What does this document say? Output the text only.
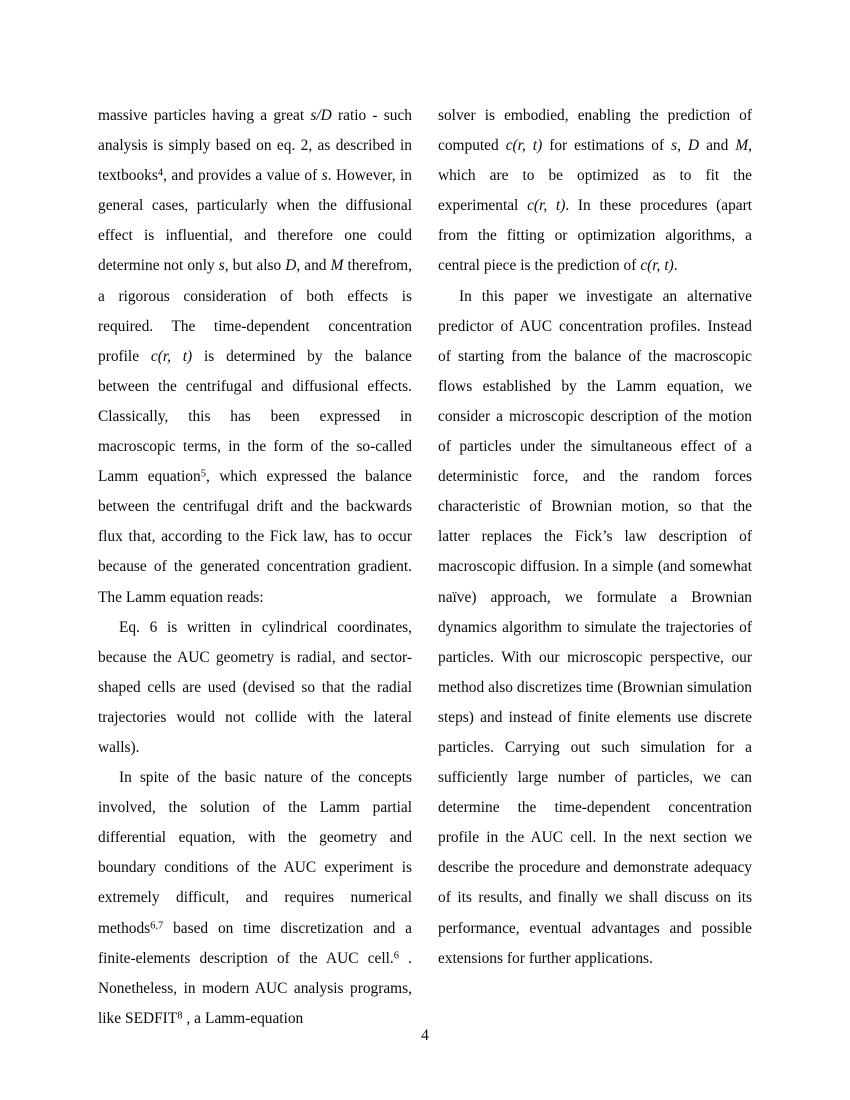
massive particles having a great s/D ratio - such analysis is simply based on eq. 2, as described in textbooks$^4$, and provides a value of s. However, in general cases, particularly when the diffusional effect is influential, and therefore one could determine not only s, but also D, and M therefrom, a rigorous consideration of both effects is required. The time-dependent concentration profile c(r, t) is determined by the balance between the centrifugal and diffusional effects. Classically, this has been expressed in macroscopic terms, in the form of the so-called Lamm equation$^5$, which expressed the balance between the centrifugal drift and the backwards flux that, according to the Fick law, has to occur because of the generated concentration gradient. The Lamm equation reads:

Eq. 6 is written in cylindrical coordinates, because the AUC geometry is radial, and sector-shaped cells are used (devised so that the radial trajectories would not collide with the lateral walls).

In spite of the basic nature of the concepts involved, the solution of the Lamm partial differential equation, with the geometry and boundary conditions of the AUC experiment is extremely difficult, and requires numerical methods$^{6,7}$ based on time discretization and a finite-elements description of the AUC cell.$^6$ . Nonetheless, in modern AUC analysis programs, like SEDFIT$^8$ , a Lamm-equation

solver is embodied, enabling the prediction of computed c(r, t) for estimations of s, D and M, which are to be optimized as to fit the experimental c(r, t). In these procedures (apart from the fitting or optimization algorithms, a central piece is the prediction of c(r, t).

In this paper we investigate an alternative predictor of AUC concentration profiles. Instead of starting from the balance of the macroscopic flows established by the Lamm equation, we consider a microscopic description of the motion of particles under the simultaneous effect of a deterministic force, and the random forces characteristic of Brownian motion, so that the latter replaces the Fick’s law description of macroscopic diffusion. In a simple (and somewhat naïve) approach, we formulate a Brownian dynamics algorithm to simulate the trajectories of particles. With our microscopic perspective, our method also discretizes time (Brownian simulation steps) and instead of finite elements use discrete particles. Carrying out such simulation for a sufficiently large number of particles, we can determine the time-dependent concentration profile in the AUC cell. In the next section we describe the procedure and demonstrate adequacy of its results, and finally we shall discuss on its performance, eventual advantages and possible extensions for further applications.

4
